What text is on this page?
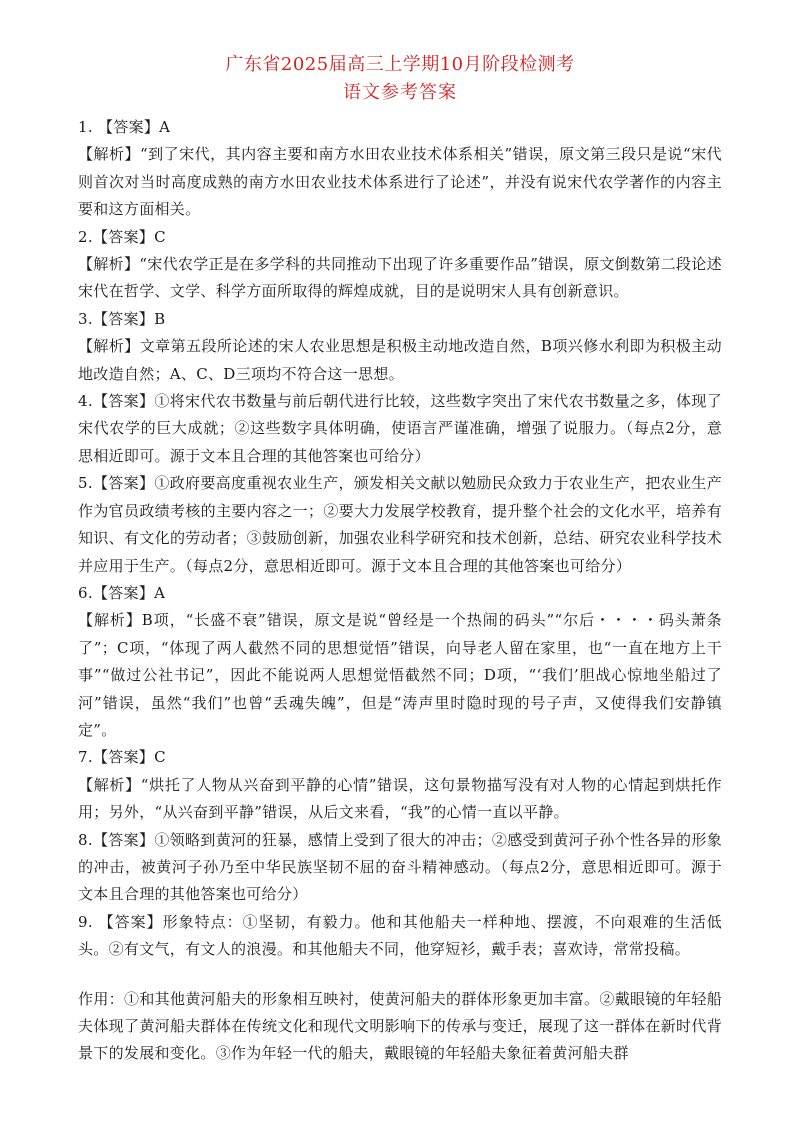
广东省2025届高三上学期10月阶段检测考
语文参考答案

1. 【答案】A

【解析】“到了宋代，其内容主要和南方水田农业技术体系相关”错误，原文第三段只是说“宋代则首次对当时高度成熟的南方水田农业技术体系进行了论述”，并没有说宋代农学著作的内容主要和这方面相关。

2.【答案】C

【解析】“宋代农学正是在多学科的共同推动下出现了许多重要作品”错误，原文倒数第二段论述宋代在哲学、文学、科学方面所取得的辉煌成就，目的是说明宋人具有创新意识。

3.【答案】B

【解析】文章第五段所论述的宋人农业思想是积极主动地改造自然，B项兴修水利即为积极主动地改造自然；A、C、D三项均不符合这一思想。

4.【答案】①将宋代农书数量与前后朝代进行比较，这些数字突出了宋代农书数量之多，体现了宋代农学的巨大成就；②这些数字具体明确，使语言严谨准确，增强了说服力。（每点2分，意思相近即可。源于文本且合理的其他答案也可给分）

5.【答案】①政府要高度重视农业生产，颁发相关文献以勉励民众致力于农业生产，把农业生产作为官员政绩考核的主要内容之一；②要大力发展学校教育，提升整个社会的文化水平，培养有知识、有文化的劳动者；③鼓励创新，加强农业科学研究和技术创新，总结、研究农业科学技术并应用于生产。（每点2分，意思相近即可。源于文本且合理的其他答案也可给分）

6.【答案】A

【解析】B项，“长盛不衰”错误，原文是说“曾经是一个热闹的码头”“尔后・・・・码头萧条了”；C项，“体现了两人截然不同的思想觉悟”错误，向导老人留在家里，也“一直在地方上干事”“做过公社书记”，因此不能说两人思想觉悟截然不同；D项，“‘我们’胆战心惊地坐船过了河”错误，虽然“我们”也曾“丢魂失魄”，但是“涛声里时隐时现的号子声，又使得我们安静镇定”。

7.【答案】C

【解析】“烘托了人物从兴奋到平静的心情”错误，这句景物描写没有对人物的心情起到烘托作用；另外，“从兴奋到平静”错误，从后文来看，“我”的心情一直以平静。

8.【答案】①领略到黄河的狂暴，感情上受到了很大的冲击；②感受到黄河子孙个性各异的形象的冲击，被黄河子孙乃至中华民族坚韧不屈的奋斗精神感动。（每点2分，意思相近即可。源于文本且合理的其他答案也可给分）

9. 【答案】形象特点：①坚韧，有毅力。他和其他船夫一样种地、摆渡，不向艰难的生活低头。②有文气，有文人的浪漫。和其他船夫不同，他穿短衫，戴手表；喜欢诗，常常投稿。

作用：①和其他黄河船夫的形象相互映衬，使黄河船夫的群体形象更加丰富。②戴眼镜的年轻船夫体现了黄河船夫群体在传统文化和现代文明影响下的传承与变迁，展现了这一群体在新时代背景下的发展和变化。③作为年轻一代的船夫，戴眼镜的年轻船夫象征着黄河船夫群
